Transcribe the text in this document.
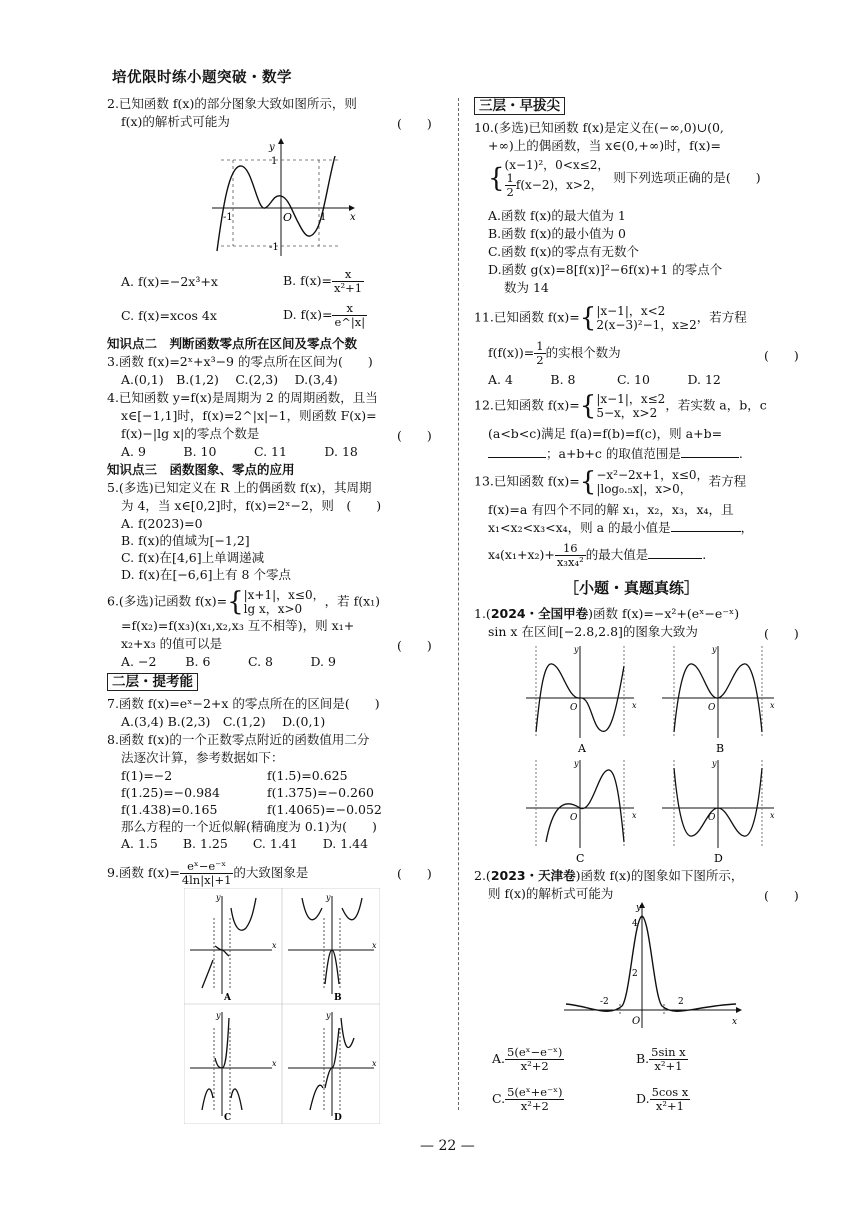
培优限时练小题突破・数学
2.已知函数 f(x)的部分图象大致如图所示，则
f(x)的解析式可能为	(　　)
y
x
O
1
-1
-1	1
A. f(x)=−2x³+x	B. $f(x)= \frac{x}{\text{x²+1}}$
C. f(x)=xcos 4x	D. $f(x)= \frac{x}{e\^{}|x|}$
知识点二　判断函数零点所在区间及零点个数
3.函数 f(x)=2ˣ+x³−9 的零点所在区间为(　　)
A.(0,1)　B.(1,2)　 C.(2,3)　 D.(3,4)
4.已知函数 y=f(x)是周期为 2 的周期函数，且当
x∈[−1,1]时，f(x)=2^|x|−1，则函数 F(x)=
f(x)−|lg x|的零点个数是	(　　)
A. 9　　　B. 10　　　C. 11　　　D. 18
知识点三　函数图象、零点的应用
5.(多选)已知定义在 R 上的偶函数 f(x)，其周期
为 4，当 x∈[0,2]时，f(x)=2ˣ−2，则　(　　)
A. f(2023)=0
B. f(x)的值域为[−1,2]
C. f(x)在[4,6]上单调递减
D. f(x)在[−6,6]上有 8 个零点
6.(多选)记函数 f(x)={ |x+1|，x≤0，
lg x，x>0
，若 f(x₁)
=f(x₂)=f(x₃)(x₁,x₂,x₃ 互不相等)，则 x₁+
x₂+x₃ 的值可以是	(　　)
A. −2　　 B. 6　　　C. 8　　　D. 9
二层・提考能
7.函数 f(x)=eˣ−2+x 的零点所在的区间是(　　)
A.(3,4) B.(2,3)　C.(1,2)　 D.(0,1)
8.函数 f(x)的一个正数零点附近的函数值用二分
法逐次计算，参考数据如下：
f(1)=−2	f(1.5)=0.625
f(1.25)=−0.984	f(1.375)=−0.260
f(1.438)=0.165	f(1.4065)=−0.052
那么方程的一个近似解(精确度为 0.1)为(　　)
A. 1.5　　B. 1.25　　C. 1.41　　D. 1.44
9.函数 $f(x)= \frac{\text{eˣ−e⁻ˣ}}{4\ln|x|+1}$ 的大致图象是	(　　)
x
y
A
x
y
B
x
y
C
x
y
D
三层・早拔尖
10.(多选)已知函数 f(x)是定义在(−∞,0)∪(0,
+∞)上的偶函数，当 x∈(0,+∞)时，f(x)=
{ (x−1)²，0<x≤2，
$\frac{1}{2} f(x-2)$，x>2， 则下列选项正确的是(　　)
A.函数 f(x)的最大值为 1
B.函数 f(x)的最小值为 0
C.函数 f(x)的零点有无数个
D.函数 g(x)=8[f(x)]²−6f(x)+1 的零点个
数为 14
11.已知函数 f(x)={ |x−1|，x<2
2(x−3)²−1，x≥2
，若方程
$f(f(x))= \frac{1}{2}$ 的实根个数为	(　　)
A. 4　　　B. 8　　　 C. 10　　　D. 12
12.已知函数 f(x)={ |x−1|，x≤2
5−x，x>2
，若实数 a，b，c
(a<b<c)满足 f(a)=f(b)=f(c)，则 a+b=
；a+b+c 的取值范围是	.
13.已知函数 f(x)={ −x²−2x+1，x≤0，
|log₀.₅x|，x>0，
若方程
f(x)=a 有四个不同的解 x₁，x₂，x₃，x₄，且
x₁<x₂<x₃<x₄，则 a 的最小值是	，
$x_4(x_1+x_2)+ \frac{16}{\text{x₃x₄²}}$ 的最大值是	.
［小题・真题真练］
1.(2024・全国甲卷)函数 f(x)=−x²+(eˣ−e⁻ˣ)
sin x 在区间[−2.8,2.8]的图象大致为	(　　)
x
y
O
A
x
y
O
B
x
y
O
C
x
y
O
D
2.(2023・天津卷)函数 f(x)的图象如下图所示，
则 f(x)的解析式可能为	(　　)
y
x
O
4
2
-2	2
A. $\frac{\text{5(eˣ−e⁻ˣ)}}{\text{x²+2}}$	B. $\frac{\text{5sin x}}{\text{x²+1}}$
C. $\frac{\text{5(eˣ+e⁻ˣ)}}{\text{x²+2}}$	D. $\frac{\text{5cos x}}{\text{x²+1}}$
— 22 —
